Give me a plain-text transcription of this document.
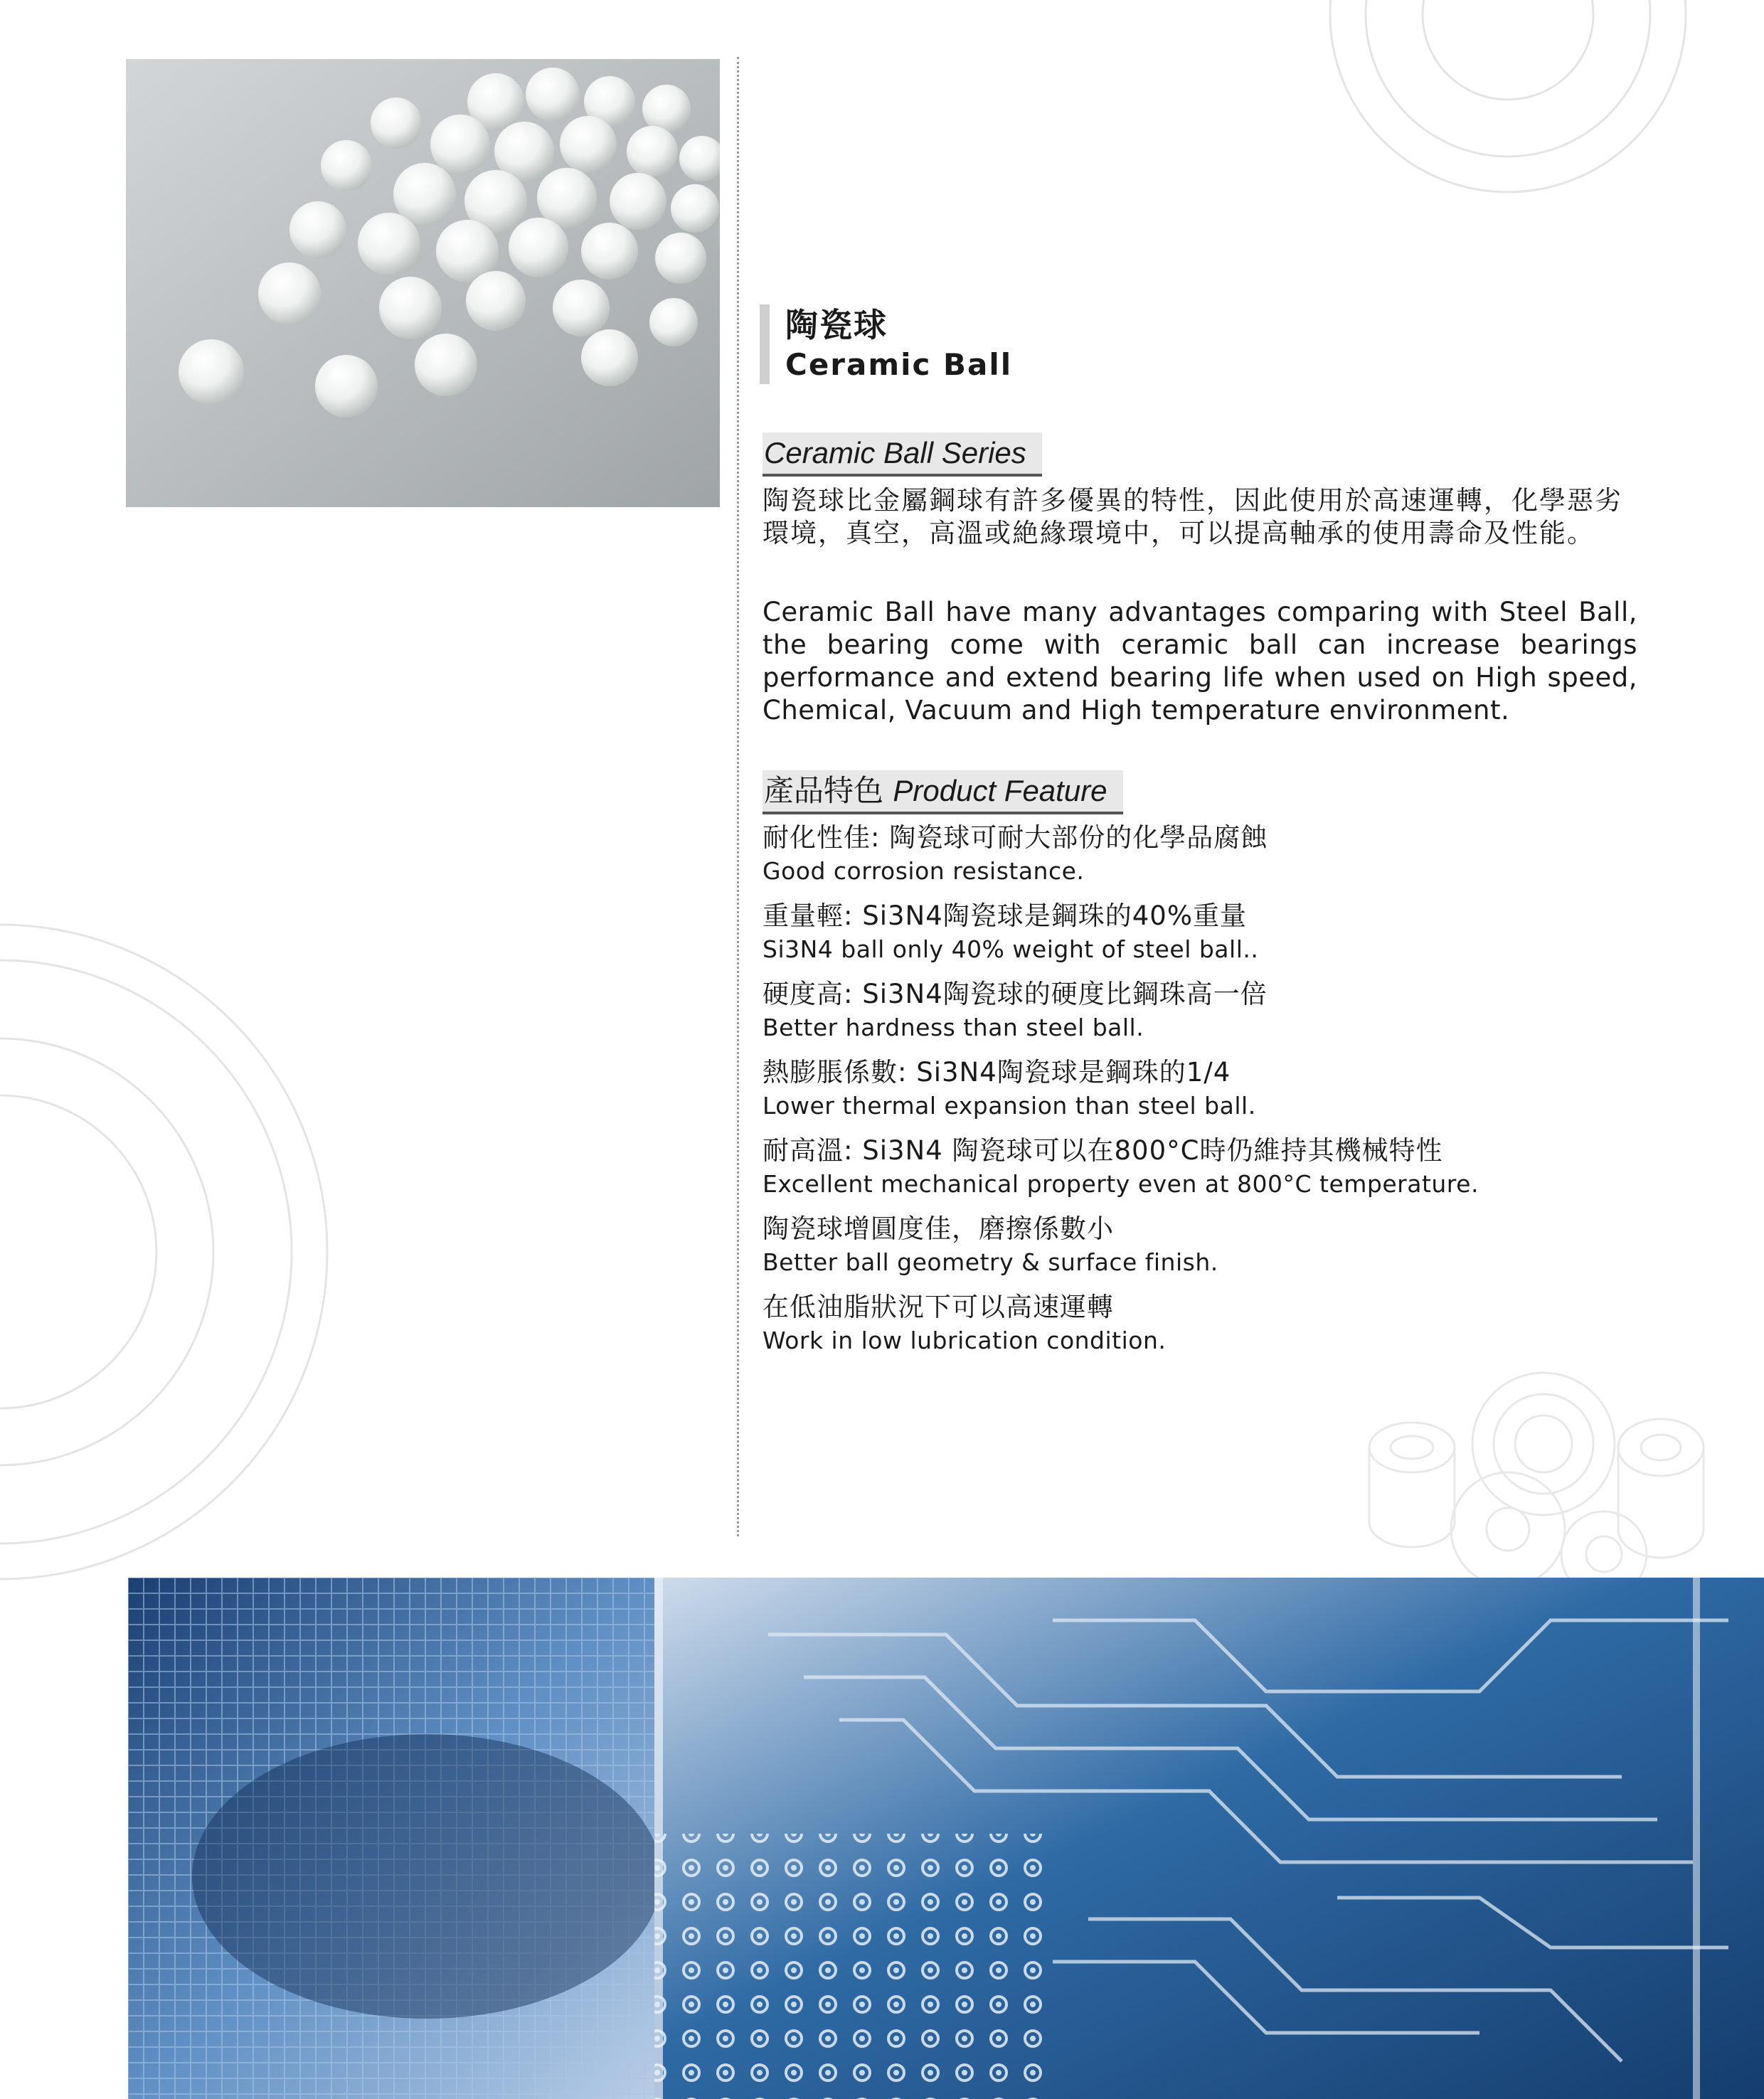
陶瓷球
Ceramic Ball
Ceramic Ball Series
陶瓷球比金屬鋼球有許多優異的特性，因此使用於高速運轉，化學惡劣環境，真空，高溫或絶緣環境中，可以提高軸承的使用壽命及性能。
Ceramic Ball have many advantages comparing with Steel Ball, the bearing come with ceramic ball can increase bearings performance and extend bearing life when used on High speed, Chemical, Vacuum and High temperature environment.
產品特色 Product Feature
耐化性佳: 陶瓷球可耐大部份的化學品腐蝕
Good corrosion resistance.
重量輕: Si3N4陶瓷球是鋼珠的40%重量
Si3N4 ball only 40% weight of steel ball..
硬度高: Si3N4陶瓷球的硬度比鋼珠高一倍
Better hardness than steel ball.
熱膨脹係數: Si3N4陶瓷球是鋼珠的1/4
Lower thermal expansion than steel ball.
耐高溫: Si3N4 陶瓷球可以在800°C時仍維持其機械特性
Excellent mechanical property even at 800°C temperature.
陶瓷球增圓度佳，磨擦係數小
Better ball geometry & surface finish.
在低油脂狀況下可以高速運轉
Work in low lubrication condition.
